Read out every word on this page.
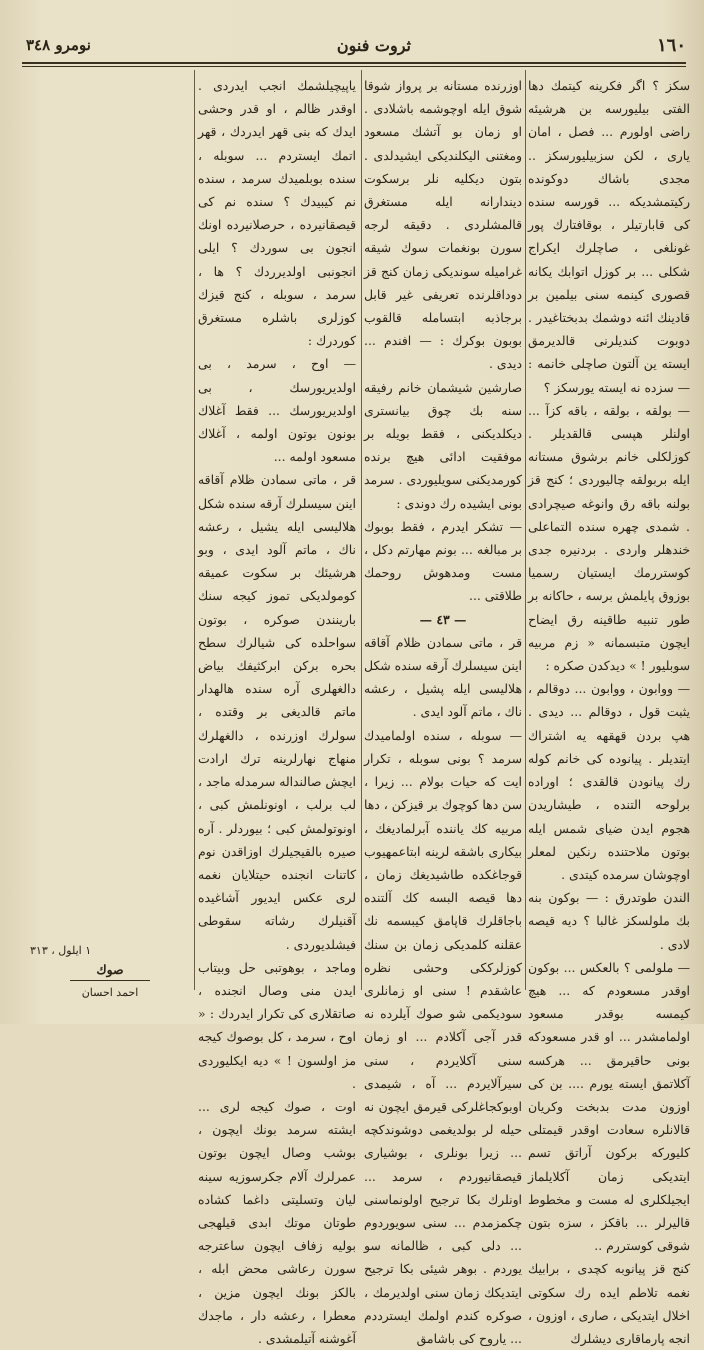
١٦٠
ثروت فنون
نومرو ٣٤٨

سكز ؟ اگر فكرينه كيتمك دها الفتی بیلیورسه بن هرشيئه راضی اولورم ... فصل ، امان یاری ، لكن سزبیلیورسكز .. مجدی باشاك دوكونده ركیتمشدیكه ... قورسه سنده كی قابارتیلر ، بوقافتارك پور غونلغی ، صاچلرك ایكراج شكلی ... بر كوزل اتوابك یكانه قصوری كینمه سنی بیلمین بر قادینك ائنه دوشمك بدبختاغیدر . دوبوت كندیلرنی قالدیرمق ایسته ین آلتون صاچلی خانمه : — سزده نه ایسته یورسكز ؟

— بولقه ، بولقه ، باقه كزآ ... اولنلر هپسی قالقدیلر . كوزلكلی خانم برشوق مستانه ایله بربولقه چالیوردی ؛ كنج قز بولنه باقه رق وانوغه صیچرادی . شمدی چهره سنده التماعلی خندهلر واردی . بردنیره جدی كوستررمك ایستیان رسمیا بوزوق پایلمش برسه ، حاكانه بر طور تنبیه طاقینه رق ایضاح ایچون متبسمانه « زم مربیه سوبلیور ! » دیدكدن صكره :

— ووابون ، ووابون ... دوقالم ، یثبت قول ، دوقالم ... دیدی . هپ بردن قهقهه یه اشتراك ایتدیلر . پیانوده كی خانم كوله رك پیانودن قالقدی ؛ اوراده برلوحه التنده ، طیشاریدن هجوم ایدن ضیای شمس ایله بوتون ملاحتنده رنكین لمعلر اوچوشان سرمده كیتدی .

الندن طوتدرق : — بوكون بنه بك ملولسكز غالبا ؟ دیه قیصه لادی .

— ملولمی ؟ بالعكس ... بوكون اوقدر مسعودم كه ... هیچ كیمسه بوقدر مسعود اولمامشدر ... او قدر مسعودكه بونی حاقیرمق ... هركسه آكلاتمق ایسته یورم .... بن كی اوزون مدت بدبخت وكریان قالانلره سعادت اوقدر قیمتلی كلیوركه بركون آراتق تسم ایتدیكی زمان آكلایلماز ایجیلكلری له مست و مخطوط قالیرلر ... باقكز ، سزه بتون شوقی كوستررم ..

كنج قز پیانوبه كچدی ، برابیك نغمه تلاطم ایده رك سكوتی اخلال ایتدیكی ، صاری ، اوزون ، انجه پارماقاری دیشلرك

اوزرنده مستانه بر پرواز شوقا شوق ایله اوچوشمه باشلادی . او زمان بو آتشك مسعود ومغتنی الیكلندیكی ایشیدلدی . بتون دیكلیه نلر برسكوت دیندارانه ایله مستغرق قالمشلردی . دقیقه لرجه سورن بونغمات سوك شیقه غرامیله سوندیكی زمان كنج قز دوداقلرنده تعریفی غیر قابل برجاذبه ابتسامله قالقوب بوبون بوكرك : — افندم ... دیدی .

صارشین شیشمان خانم رفیقه سنه بك چوق بیانستری دیكلدیكنی ، فقط بویله بر موفقیت ادائی هیچ برنده كورمدیكنی سویلیوردی . سرمد بونی ایشیده رك دوندی :

— تشكر ایدرم ، فقط بوبوك بر مبالغه ... بونم مهارتم دكل ، مست ومدهوش روحمك طلاقتی ...

— ٤٣ —

قر ، ماتی سمادن ظلام آقاقه اینن سیسلرك آرقه سنده شكل هلالیسی ایله پشیل ، رعشه ناك ، ماتم آلود ایدی .

— سوبله ، سنده اولمامیدك سرمد ؟ بونی سوبله ، تكرار ایت كه حیات بولام ... زیرا ، سن دها كوچوك بر قیزكن ، دها مربیه كك یاننده آبرلمادیغك ، بیكاری باشقه لرینه ابتاعمهیوب قوجاغكده طاشیدیغك زمان ، دها قیصه البسه كك آلتنده باجاقلرك قاپامق كیبسمه نك عقلنه كلمدیكی زمان بن سنك كوزلرككی وحشی نظره عاشقدم ! سنی او زمانلری سودیكمی شو صوك آیلرده نه قدر آجی آكلادم ... او زمان سنی آكلایردم ، سنی سیرآلایردم ... آه ، شیمدی اوبوكجاغلركی قیرمق ایچون نه حیله لر بولدیغمی دوشوندكچه ... زیرا بونلری ، بوشیاری قیصقانیوردم ، سرمد ... اونلرك بكا ترجیح اولونماسنی چكمزمدم ... سنی سویوردوم ... دلی كبی ، ظالمانه سو یوردم . بوهر شیئی بكا ترجیح ایتدیكك زمان سنی اولدیرمك ، صوكره كندم اولمك ایسترددم ... یاروح كی باشامق

یاپیچیلشمك انجب ایدردی . اوقدر ظالم ، او قدر وحشی ایدك كه بنی قهر ایدردك ، قهر اتمك ایستردم ... سوبله ، سنده بوبلمیدك سرمد ، سنده نم كیبیدك ؟ سنده نم كی قیصقانیرده ، حرصلانیرده اونك انجون بی سوردك ؟ ایلی انجونبی اولدیرردك ؟ ها ، سرمد ، سوبله ، كنج قیزك كوزلری باشلره مستغرق كوردرك :

— اوح ، سرمد ، بی اولدیریورسك ، بی اولدیریورسك ... فقط آغلاك بونون بوتون اولمه ، آغلاك مسعود اولمه ...

قر ، ماتی سمادن ظلام آقاقه اینن سیسلرك آرقه سنده شكل هلالیسی ایله یشیل ، رعشه ناك ، ماتم آلود ایدی ، وبو هرشیئك بر سكوت عمیقه كومولدیكی تموز كیجه سنك بارینندن صوكره ، بوتون سواحلده كی شیالرك سطح بحره بركن ابركثیفك بیاض دالغهلری آره سنده هالهدار ماتم قالدیغی بر وقتده ، سولرك اوزرنده ، دالغهلرك منهاج نهارلرینه ترك ارادت ایچش صالنداله سرمدله ماجد ، لب برلب ، اونونلمش كبی ، اونوتولمش كبی ؛ بیوردلر . آره صیره بالقیجیلرك اوزاقدن نوم كاتنات انجنده حیتلایان نغمه لری عكس ایدیور آشاغیده آقنیلرك رشاته سقوطی فیشلدیوردی .

وماجد ، بوهوتبی حل وبیتاب ایدن منی وصال انجنده ، صاتقلاری كی تكرار ایدردك : « اوح ، سرمد ، كل بوصوك كیجه مز اولسون ! » دیه ایكلیوردی .

اوت ، صوك كیجه لری ... ایشته سرمد بونك ایچون ، بوشب وصال ایچون بوتون عمرلرك آلام جكرسوزیه سینه لیان وتسلیتی داغما كشاده طوتان موتك ابدی قیلهجی بوليه زفاف ایچون ساعترجه سورن رعاشی محض ابله ، بالكز بونك ایچون مزین ، معطرا ، رعشه دار ، ماجدك آغوشنه آتیلمشدی .

١ ایلول ، ٣١٣
صوك
احمد احسان
